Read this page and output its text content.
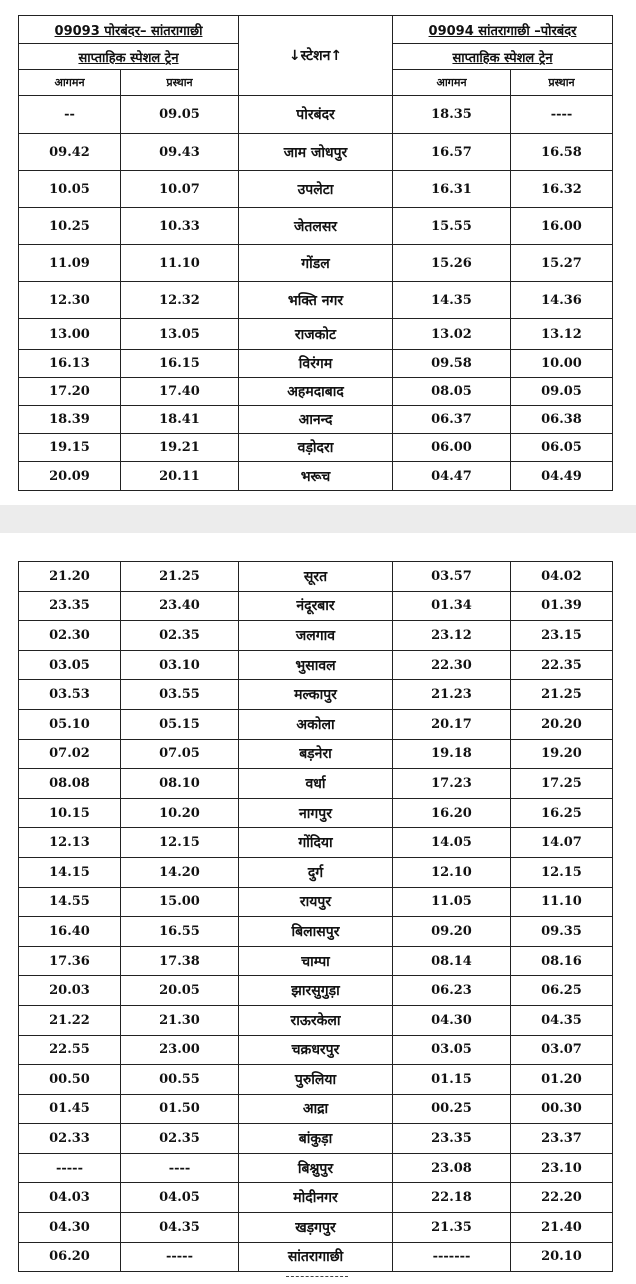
09093 पोरबंदर– सांतरागाछी		↓स्टेशन↑	09094 सांतरागाछी –पोरबंदर	
साप्ताहिक स्पेशल ट्रेन			साप्ताहिक स्पेशल ट्रेन	
आगमन	प्रस्थान		आगमन	प्रस्थान
--	09.05	पोरबंदर	18.35	----
09.42	09.43	जाम जोधपुर	16.57	16.58
10.05	10.07	उपलेटा	16.31	16.32
10.25	10.33	जेतलसर	15.55	16.00
11.09	11.10	गोंडल	15.26	15.27
12.30	12.32	भक्ति नगर	14.35	14.36
13.00	13.05	राजकोट	13.02	13.12
16.13	16.15	विरंगम	09.58	10.00
17.20	17.40	अहमदाबाद	08.05	09.05
18.39	18.41	आनन्द	06.37	06.38
19.15	19.21	वड़ोदरा	06.00	06.05
20.09	20.11	भरूच	04.47	04.49
21.20	21.25	सूरत	03.57	04.02
23.35	23.40	नंदूरबार	01.34	01.39
02.30	02.35	जलगाव	23.12	23.15
03.05	03.10	भुसावल	22.30	22.35
03.53	03.55	मल्कापुर	21.23	21.25
05.10	05.15	अकोला	20.17	20.20
07.02	07.05	बड़नेरा	19.18	19.20
08.08	08.10	वर्धा	17.23	17.25
10.15	10.20	नागपुर	16.20	16.25
12.13	12.15	गोंदिया	14.05	14.07
14.15	14.20	दुर्ग	12.10	12.15
14.55	15.00	रायपुर	11.05	11.10
16.40	16.55	बिलासपुर	09.20	09.35
17.36	17.38	चाम्पा	08.14	08.16
20.03	20.05	झारसुगुड़ा	06.23	06.25
21.22	21.30	राऊरकेला	04.30	04.35
22.55	23.00	चक्रधरपुर	03.05	03.07
00.50	00.55	पुरुलिया	01.15	01.20
01.45	01.50	आद्रा	00.25	00.30
02.33	02.35	बांकुड़ा	23.35	23.37
-----	----	बिश्नुपुर	23.08	23.10
04.03	04.05	मोदीनगर	22.18	22.20
04.30	04.35	खड़गपुर	21.35	21.40
06.20	-----	सांतरागाछी	-------	20.10
